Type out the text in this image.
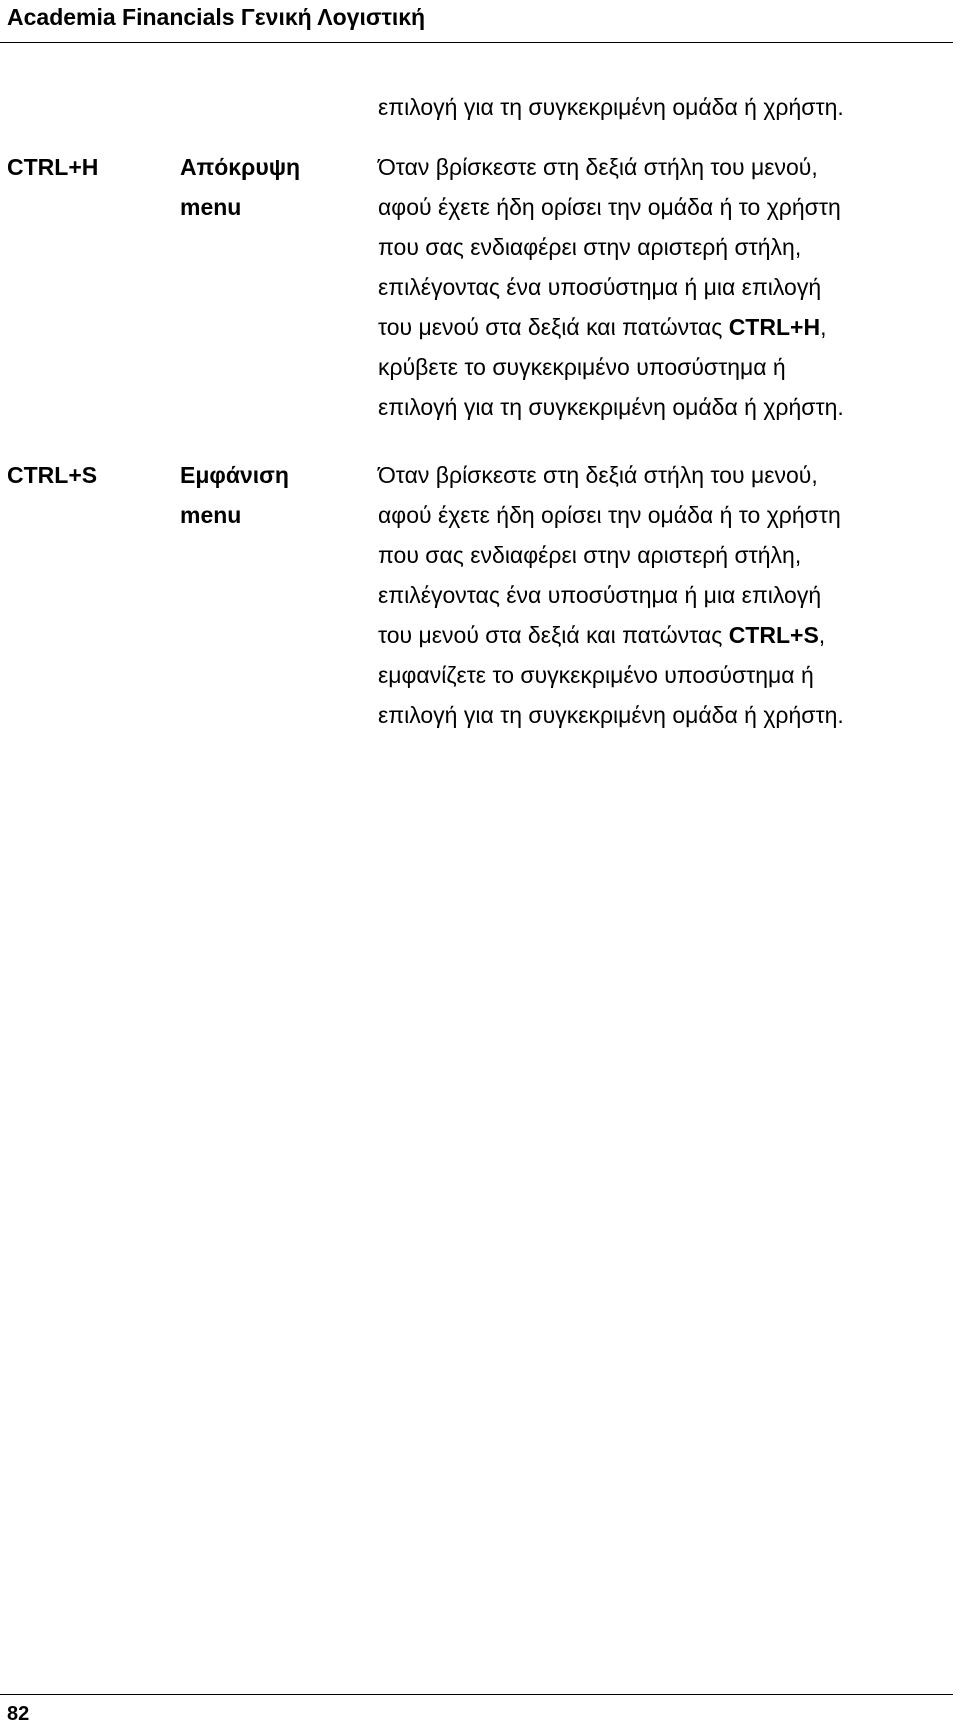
Academia Financials Γενική Λογιστική
επιλογή για τη συγκεκριμένη ομάδα ή χρήστη.
CTRL+H	Απόκρυψη
menu
Όταν βρίσκεστε στη δεξιά στήλη του μενού,
αφού έχετε ήδη ορίσει την ομάδα ή το χρήστη
που σας ενδιαφέρει στην αριστερή στήλη,
επιλέγοντας ένα υποσύστημα ή μια επιλογή
του μενού στα δεξιά και πατώντας CTRL+H,
κρύβετε το συγκεκριμένο υποσύστημα ή
επιλογή για τη συγκεκριμένη ομάδα ή χρήστη.
CTRL+S	Εμφάνιση
menu
Όταν βρίσκεστε στη δεξιά στήλη του μενού,
αφού έχετε ήδη ορίσει την ομάδα ή το χρήστη
που σας ενδιαφέρει στην αριστερή στήλη,
επιλέγοντας ένα υποσύστημα ή μια επιλογή
του μενού στα δεξιά και πατώντας CTRL+S,
εμφανίζετε το συγκεκριμένο υποσύστημα ή
επιλογή για τη συγκεκριμένη ομάδα ή χρήστη.
82
